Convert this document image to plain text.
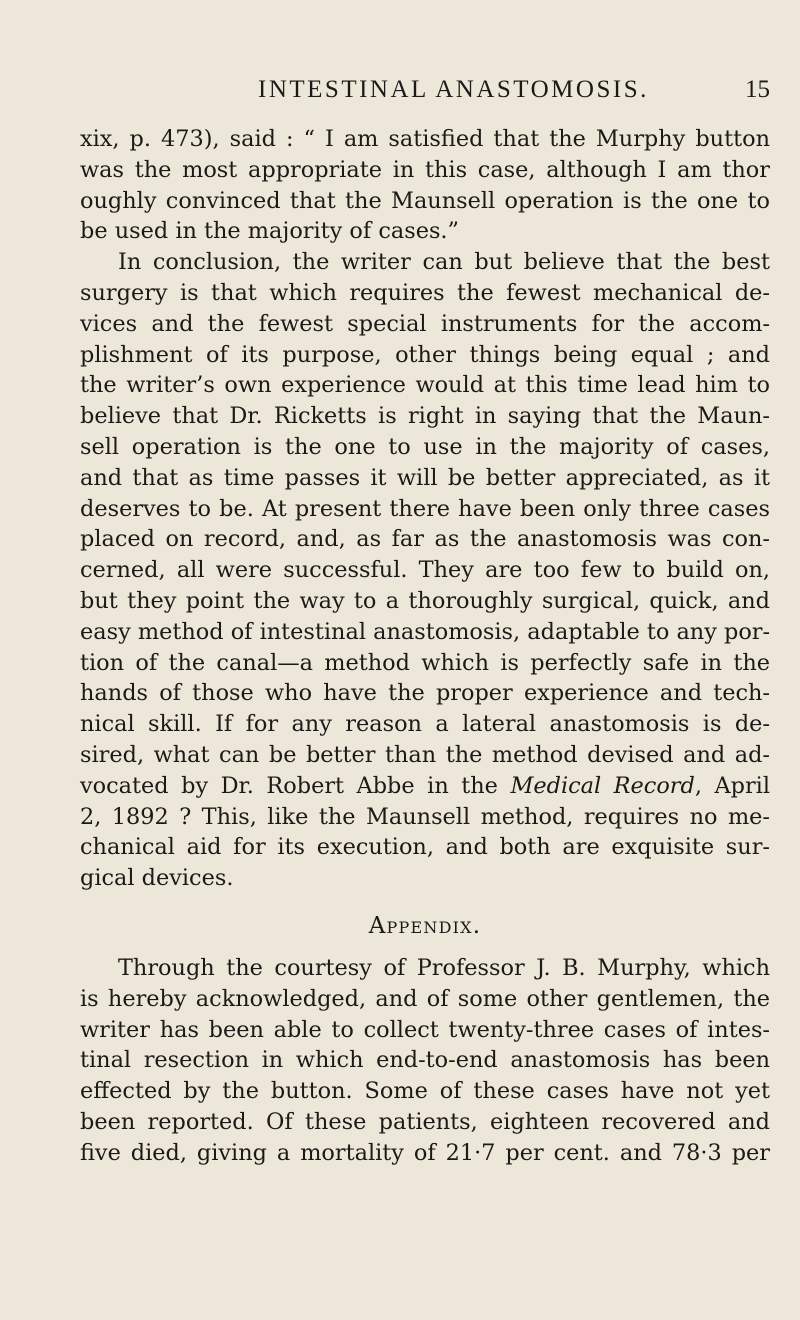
INTESTINAL ANASTOMOSIS.	15
xix, p. 473), said : “ I am satisfied that the Murphy button
was the most appropriate in this case, although I am thor
oughly convinced that the Maunsell operation is the one to
be used in the majority of cases.”
In conclusion, the writer can but believe that the best
surgery is that which requires the fewest mechanical de-
vices and the fewest special instruments for the accom-
plishment of its purpose, other things being equal ; and
the writer’s own experience would at this time lead him to
believe that Dr. Ricketts is right in saying that the Maun-
sell operation is the one to use in the majority of cases,
and that as time passes it will be better appreciated, as it
deserves to be. At present there have been only three cases
placed on record, and, as far as the anastomosis was con-
cerned, all were successful. They are too few to build on,
but they point the way to a thoroughly surgical, quick, and
easy method of intestinal anastomosis, adaptable to any por-
tion of the canal—a method which is perfectly safe in the
hands of those who have the proper experience and tech-
nical skill. If for any reason a lateral anastomosis is de-
sired, what can be better than the method devised and ad-
vocated by Dr. Robert Abbe in the Medical Record, April
2, 1892 ? This, like the Maunsell method, requires no me-
chanical aid for its execution, and both are exquisite sur-
gical devices.
Appendix.
Through the courtesy of Professor J. B. Murphy, which
is hereby acknowledged, and of some other gentlemen, the
writer has been able to collect twenty-three cases of intes-
tinal resection in which end-to-end anastomosis has been
effected by the button. Some of these cases have not yet
been reported. Of these patients, eighteen recovered and
five died, giving a mortality of 21·7 per cent. and 78·3 per
